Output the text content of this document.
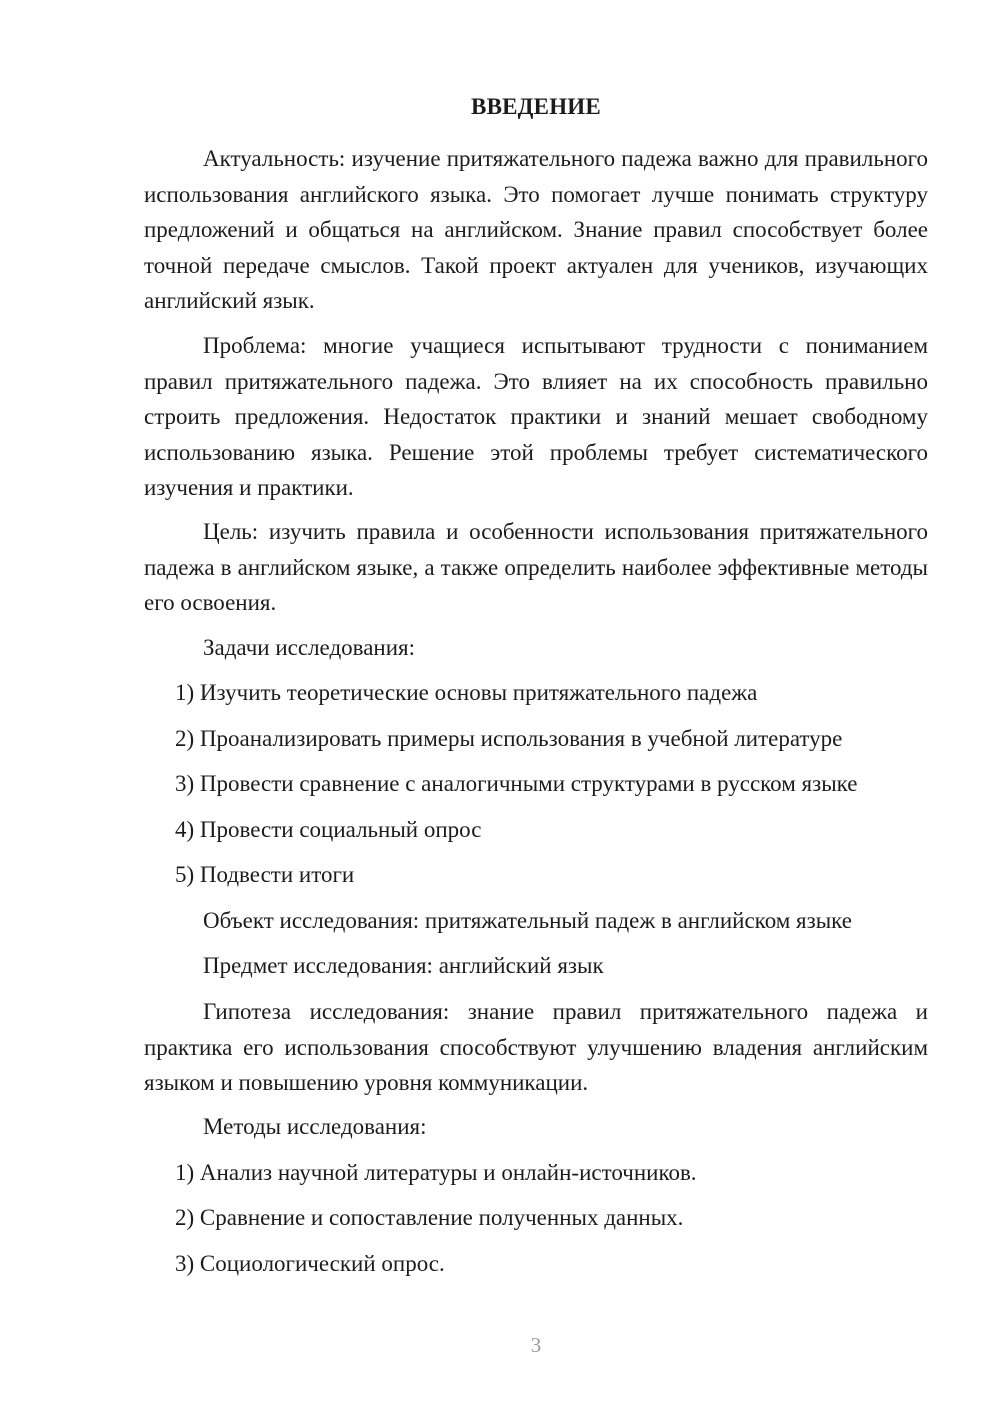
ВВЕДЕНИЕ

Актуальность: изучение притяжательного падежа важно для правильного использования английского языка. Это помогает лучше понимать структуру предложений и общаться на английском. Знание правил способствует более точной передаче смыслов. Такой проект актуален для учеников, изучающих английский язык.

Проблема: многие учащиеся испытывают трудности с пониманием правил притяжательного падежа. Это влияет на их способность правильно строить предложения. Недостаток практики и знаний мешает свободному использованию языка. Решение этой проблемы требует систематического изучения и практики.

Цель: изучить правила и особенности использования притяжательного падежа в английском языке, а также определить наиболее эффективные методы его освоения.

Задачи исследования:
1) Изучить теоретические основы притяжательного падежа
2) Проанализировать примеры использования в учебной литературе
3) Провести сравнение с аналогичными структурами в русском языке
4) Провести социальный опрос
5) Подвести итоги
Объект исследования: притяжательный падеж в английском языке
Предмет исследования: английский язык

Гипотеза исследования: знание правил притяжательного падежа и практика его использования способствуют улучшению владения английским языком и повышению уровня коммуникации.

Методы исследования:
1) Анализ научной литературы и онлайн-источников.
2) Сравнение и сопоставление полученных данных.
3) Социологический опрос.
3
